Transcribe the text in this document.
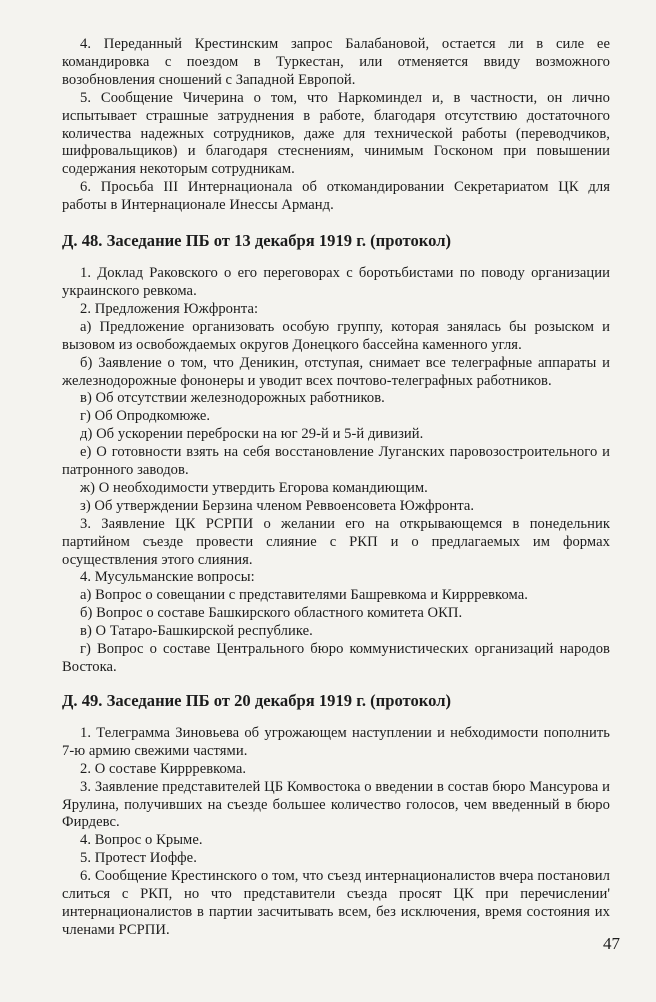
4. Переданный Крестинским запрос Балабановой, остается ли в силе ее командировка с поездом в Туркестан, или отменяется ввиду возможного возобновления сношений с Западной Европой.

5. Сообщение Чичерина о том, что Наркоминдел и, в частности, он лично испытывает страшные затруднения в работе, благодаря отсутствию достаточного количества надежных сотрудников, даже для технической работы (переводчиков, шифровальщиков) и благодаря стеснениям, чинимым Госконом при повышении содержания некоторым сотрудникам.

6. Просьба III Интернационала об откомандировании Секретариатом ЦК для работы в Интернационале Инессы Арманд.

Д. 48. Заседание ПБ от 13 декабря 1919 г. (протокол)

1. Доклад Раковского о его переговорах с боротьбистами по поводу организации украинского ревкома.

2. Предложения Южфронта:

а) Предложение организовать особую группу, которая занялась бы розыском и вызовом из освобождаемых округов Донецкого бассейна каменного угля.

б) Заявление о том, что Деникин, отступая, снимает все телеграфные аппараты и железнодорожные фононеры и уводит всех почтово-телеграфных работников.

в) Об отсутствии железнодорожных работников.

г) Об Опродкомюже.

д) Об ускорении переброски на юг 29-й и 5-й дивизий.

е) О готовности взять на себя восстановление Луганских паровозостроительного и патронного заводов.

ж) О необходимости утвердить Егорова командиющим.

з) Об утверждении Берзина членом Реввоенсовета Южфронта.

3. Заявление ЦК РСРПИ о желании его на открывающемся в понедельник партийном съезде провести слияние с РКП и о предлагаемых им формах осуществления этого слияния.

4. Мусульманские вопросы:

а) Вопрос о совещании с представителями Башревкома и Киррревкома.

б) Вопрос о составе Башкирского областного комитета ОКП.

в) О Татаро-Башкирской республике.

г) Вопрос о составе Центрального бюро коммунистических организаций народов Востока.

Д. 49. Заседание ПБ от 20 декабря 1919 г. (протокол)

1. Телеграмма Зиновьева об угрожающем наступлении и небходимости пополнить 7-ю армию свежими частями.

2. О составе Киррревкома.

3. Заявление представителей ЦБ Комвостока о введении в состав бюро Мансурова и Ярулина, получивших на съезде большее количество голосов, чем введенный в бюро Фирдевс.

4. Вопрос о Крыме.

5. Протест Иоффе.

6. Сообщение Крестинского о том, что съезд интернационалистов вчера постановил слиться с РКП, но что представители съезда просят ЦК при перечислении' интернационалистов в партии засчитывать всем, без исключения, время состояния их членами РСРПИ.

47
